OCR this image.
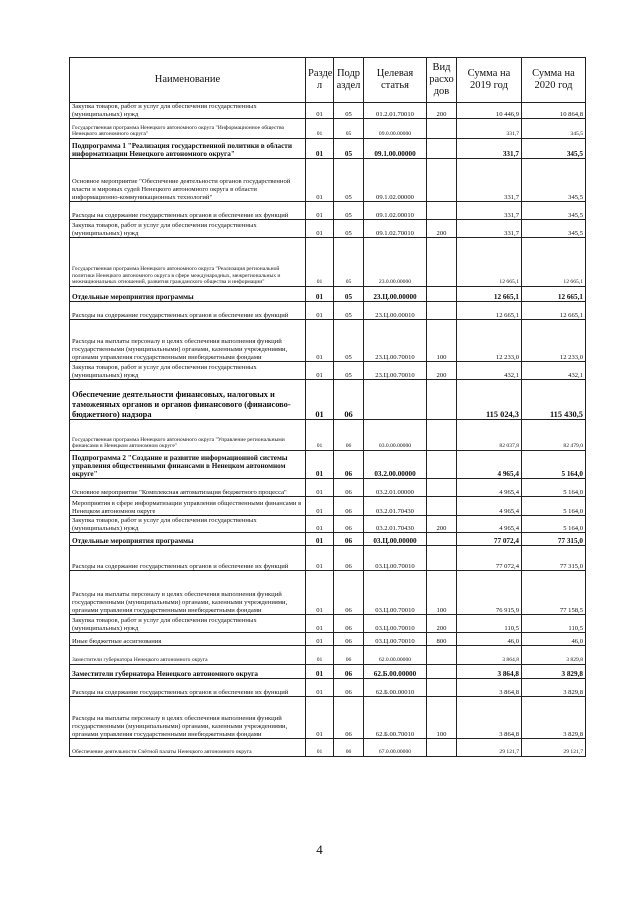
Наименование	Разде л	Подр аздел	Целевая статья	Вид расхо дов	Сумма на 2019 год	Сумма на 2020 год
Закупка товаров, работ и услуг для обеспечения государственных (муниципальных) нужд	01	05	01.2.01.70010	200	10 446,9	10 864,8
Государственная программа Ненецкого автономного округа "Информационное общество Ненецкого автономного округа"	01	05	09.0.00.00000		331,7	345,5
Подпрограмма 1 "Реализация государственной политики в области информатизации Ненецкого автономного округа"	01	05	09.1.00.00000		331,7	345,5
Основное мероприятие "Обеспечение деятельности органов государственной власти и мировых судей Ненецкого автономного округа в области информационно-коммуникационных технологий"	01	05	09.1.02.00000		331,7	345,5
Расходы на содержание государственных органов и обеспечение их функций	01	05	09.1.02.00010		331,7	345,5
Закупка товаров, работ и услуг для обеспечения государственных (муниципальных) нужд	01	05	09.1.02.70010	200	331,7	345,5
Государственная программа Ненецкого автономного округа "Реализация региональной политики Ненецкого автономного округа в сфере международных, межрегиональных и межнациональных отношений, развития гражданского общества и информации"	01	05	23.0.00.00000		12 665,1	12 665,1
Отдельные мероприятия программы	01	05	23.Ц.00.00000		12 665,1	12 665,1
Расходы на содержание государственных органов и обеспечение их функций	01	05	23.Ц.00.00010		12 665,1	12 665,1
Расходы на выплаты персоналу в целях обеспечения выполнения функций государственными (муниципальными) органами, казенными учреждениями, органами управления государственными внебюджетными фондами	01	05	23.Ц.00.70010	100	12 233,0	12 233,0
Закупка товаров, работ и услуг для обеспечения государственных (муниципальных) нужд	01	05	23.Ц.00.70010	200	432,1	432,1
Обеспечение деятельности финансовых, налоговых и таможенных органов и органов финансового (финансово-бюджетного) надзора	01	06			115 024,3	115 430,5
Государственная программа Ненецкого автономного округа "Управление региональными финансами в Ненецком автономном округе"	01	06	03.0.00.00000		82 037,8	82 479,0
Подпрограмма 2 "Создание и развитие информационной системы управления общественными финансами в Ненецком автономном округе"	01	06	03.2.00.00000		4 965,4	5 164,0
Основное мероприятие "Комплексная автоматизация бюджетного процесса"	01	06	03.2.01.00000		4 965,4	5 164,0
Мероприятия в сфере информатизации управления общественными финансами в Ненецком автономном округе	01	06	03.2.01.70430		4 965,4	5 164,0
Закупка товаров, работ и услуг для обеспечения государственных (муниципальных) нужд	01	06	03.2.01.70430	200	4 965,4	5 164,0
Отдельные мероприятия программы	01	06	03.Ц.00.00000		77 072,4	77 315,0
Расходы на содержание государственных органов и обеспечение их функций	01	06	03.Ц.00.70010		77 072,4	77 315,0
Расходы на выплаты персоналу в целях обеспечения выполнения функций государственными (муниципальными) органами, казенными учреждениями, органами управления государственными внебюджетными фондами	01	06	03.Ц.00.70010	100	76 915,9	77 158,5
Закупка товаров, работ и услуг для обеспечения государственных (муниципальных) нужд	01	06	03.Ц.00.70010	200	110,5	110,5
Иные бюджетные ассигнования	01	06	03.Ц.00.70010	800	46,0	46,0
Заместители губернатора Ненецкого автономного округа	01	06	62.0.00.00000		3 864,8	3 829,8
Заместители губернатора Ненецкого автономного округа	01	06	62.Б.00.00000		3 864,8	3 829,8
Расходы на содержание государственных органов и обеспечение их функций	01	06	62.Б.00.00010		3 864,8	3 829,8
Расходы на выплаты персоналу в целях обеспечения выполнения функций государственными (муниципальными) органами, казенными учреждениями, органами управления государственными внебюджетными фондами	01	06	62.Б.00.70010	100	3 864,8	3 829,8
Обеспечение деятельности Счётной палаты Ненецкого автономного округа	01	06	67.0.00.00000		29 121,7	29 121,7
4
